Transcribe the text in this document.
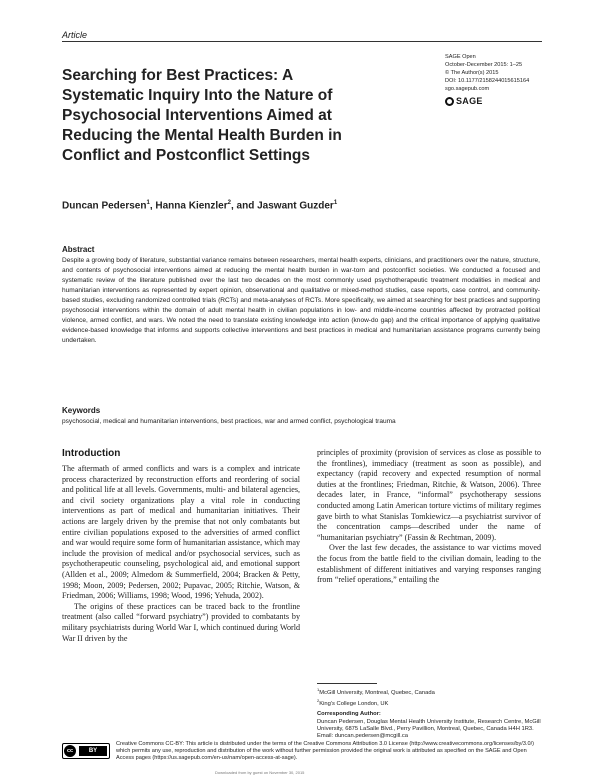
Article
SAGE Open
October-December 2015: 1–25
© The Author(s) 2015
DOI: 10.1177/2158244015615164
sgo.sagepub.com
SAGE
Searching for Best Practices: A Systematic Inquiry Into the Nature of Psychosocial Interventions Aimed at Reducing the Mental Health Burden in Conflict and Postconflict Settings
Duncan Pedersen$^1$, Hanna Kienzler$^2$, and Jaswant Guzder$^1$
Abstract

Despite a growing body of literature, substantial variance remains between researchers, mental health experts, clinicians, and practitioners over the nature, structure, and contents of psychosocial interventions aimed at reducing the mental health burden in war-torn and postconflict societies. We conducted a focused and systematic review of the literature published over the last two decades on the most commonly used psychotherapeutic treatment modalities in medical and humanitarian interventions as represented by expert opinion, observational and qualitative or mixed-method studies, case reports, case control, and community-based studies, excluding randomized controlled trials (RCTs) and meta-analyses of RCTs. More specifically, we aimed at searching for best practices and supporting psychosocial interventions within the domain of adult mental health in civilian populations in low- and middle-income countries affected by protracted political violence, armed conflict, and wars. We noted the need to translate existing knowledge into action (know-do gap) and the critical importance of applying qualitative evidence-based knowledge that informs and supports collective interventions and best practices in medical and humanitarian assistance programs currently being undertaken.

Keywords

psychosocial, medical and humanitarian interventions, best practices, war and armed conflict, psychological trauma

Introduction

The aftermath of armed conflicts and wars is a complex and intricate process characterized by reconstruction efforts and reordering of social and political life at all levels. Governments, multi- and bilateral agencies, and civil society organizations play a vital role in conducting interventions as part of medical and humanitarian initiatives. Their actions are largely driven by the premise that not only combatants but entire civilian populations exposed to the adversities of armed conflict and war would require some form of humanitarian assistance, which may include the provision of medical and/or psychosocial services, such as psychotherapeutic counseling, psychological aid, and emotional support (Allden et al., 2009; Almedom & Summerfield, 2004; Bracken & Petty, 1998; Moon, 2009; Pedersen, 2002; Pupavac, 2005; Ritchie, Watson, & Friedman, 2006; Williams, 1998; Wood, 1996; Yehuda, 2002).

The origins of these practices can be traced back to the frontline treatment (also called “forward psychiatry”) provided to combatants by military psychiatrists during World War I, which continued during World War II driven by the

principles of proximity (provision of services as close as possible to the frontlines), immediacy (treatment as soon as possible), and expectancy (rapid recovery and expected resumption of normal duties at the frontlines; Friedman, Ritchie, & Watson, 2006). Three decades later, in France, “informal” psychotherapy sessions conducted among Latin American torture victims of military regimes gave birth to what Stanislas Tomkiewicz—a psychiatrist survivor of the concentration camps—described under the name of “humanitarian psychiatry” (Fassin & Rechtman, 2009).

Over the last few decades, the assistance to war victims moved the focus from the battle field to the civilian domain, leading to the establishment of different initiatives and varying responses ranging from “relief operations,” entailing the

$^1$McGill University, Montreal, Quebec, Canada
$^2$King’s College London, UK
Corresponding Author:
Duncan Pedersen, Douglas Mental Health University Institute, Research Centre, McGill University, 6875 LaSalle Blvd., Perry Pavillion, Montreal, Quebec, Canada H4H 1R3.
Email: duncan.pedersen@mcgill.ca
cc	BY
Creative Commons CC-BY: This article is distributed under the terms of the Creative Commons Attribution 3.0 License (http://www.creativecommons.org/licenses/by/3.0/) which permits any use, reproduction and distribution of the work without further permission provided the original work is attributed as specified on the SAGE and Open Access pages (https://us.sagepub.com/en-us/nam/open-access-at-sage).
Downloaded from by guest on November 30, 2015
